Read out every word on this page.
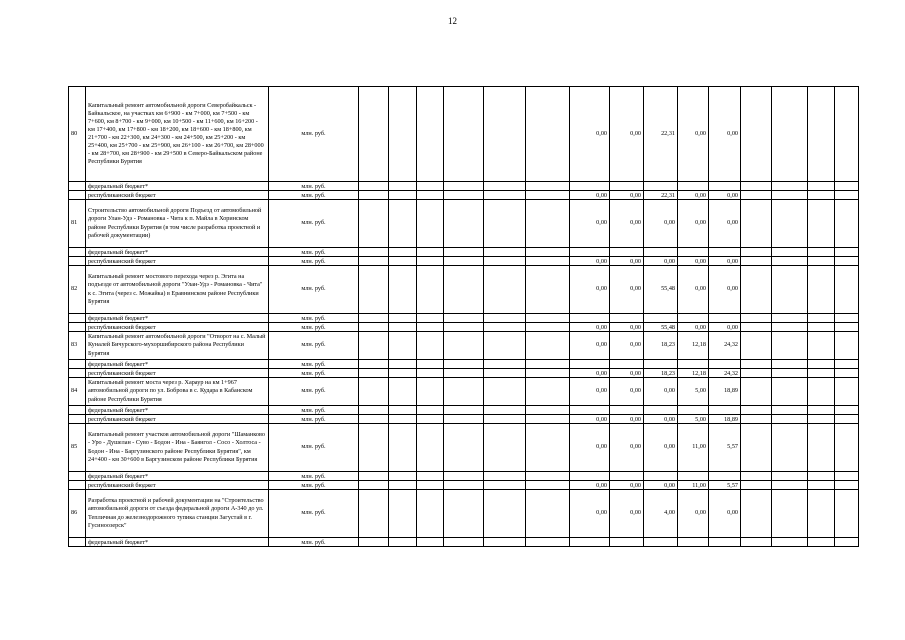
12
80	Капитальный ремонт автомобильной дороги Северобайкальск - Байкальское, на участках км 6+900 - км 7+000, км 7+500 - км 7+600, км 8+700 - км 9+000, км 10+500 - км 11+600, км 16+200 - км 17+400, км 17+800 - км 18+200, км 18+600 - км 18+800, км 21+700 - км 22+300, км 24+300 - км 24+500, км 25+200 - км 25+400, км 25+700 - км 25+900, км 26+100 - км 26+700, км 28+000 - км 28+700, км 28+900 - км 29+500 в Северо-Байкальском районе Республики Бурятия	млн. руб.							0,00	0,00	22,31	0,00	0,00				
	федеральный бюджет*	млн. руб.															
	республиканский бюджет	млн. руб.							0,00	0,00	22,31	0,00	0,00				
81	Строительство автомобильной дороги Подъезд от автомобильной дороги Улан-Удэ - Романовка - Чита к п. Майла в Хоринском районе Республики Бурятия (в том числе разработка проектной и рабочей документации)	млн. руб.							0,00	0,00	0,00	0,00	0,00				
	федеральный бюджет*	млн. руб.															
	республиканский бюджет	млн. руб.							0,00	0,00	0,00	0,00	0,00				
82	Капитальный ремонт мостового перехода через р. Эгита на подъезде от автомобильной дороги "Улан-Удэ - Романовка - Чита" к с. Эгита (через с. Можайка) в Еравнинском районе Республики Бурятия	млн. руб.							0,00	0,00	55,48	0,00	0,00				
	федеральный бюджет*	млн. руб.															
	республиканский бюджет	млн. руб.							0,00	0,00	55,48	0,00	0,00				
83	Капитальный ремонт автомобильной дороги "Отворот на с. Малый Куналей Бичурского-мухоршибирского района Республики Бурятия	млн. руб.							0,00	0,00	18,23	12,18	24,32				
	федеральный бюджет*	млн. руб.															
	республиканский бюджет	млн. руб.							0,00	0,00	18,23	12,18	24,32				
84	Капитальный ремонт моста через р. Хараур на км 1+967 автомобильной дороги по ул. Боброва в с. Кудара в Кабанском районе Республики Бурятия	млн. руб.							0,00	0,00	0,00	5,00	18,89				
	федеральный бюджет*	млн. руб.															
	республиканский бюджет	млн. руб.							0,00	0,00	0,00	5,00	18,89				
85	Капитальный ремонт участков автомобильной дороги "Шаманково - Уро - Душелан - Суво - Бодон - Ина - Баянгол - Сосо - Холтоса - Бодон - Ина - Баргузинского районе Республики Бурятия", км 24+400 - км 30+600 в Баргузинском районе Республики Бурятия	млн. руб.							0,00	0,00	0,00	11,00	5,57				
	федеральный бюджет*	млн. руб.															
	республиканский бюджет	млн. руб.							0,00	0,00	0,00	11,00	5,57				
86	Разработка проектной и рабочей документации на "Строительство автомобильной дороги от съезда федеральной дороги А-340 до ул. Тепличная до железнодорожного тупика станции Загустай в г. Гусиноозерск"	млн. руб.							0,00	0,00	4,00	0,00	0,00				
	федеральный бюджет*	млн. руб.															
